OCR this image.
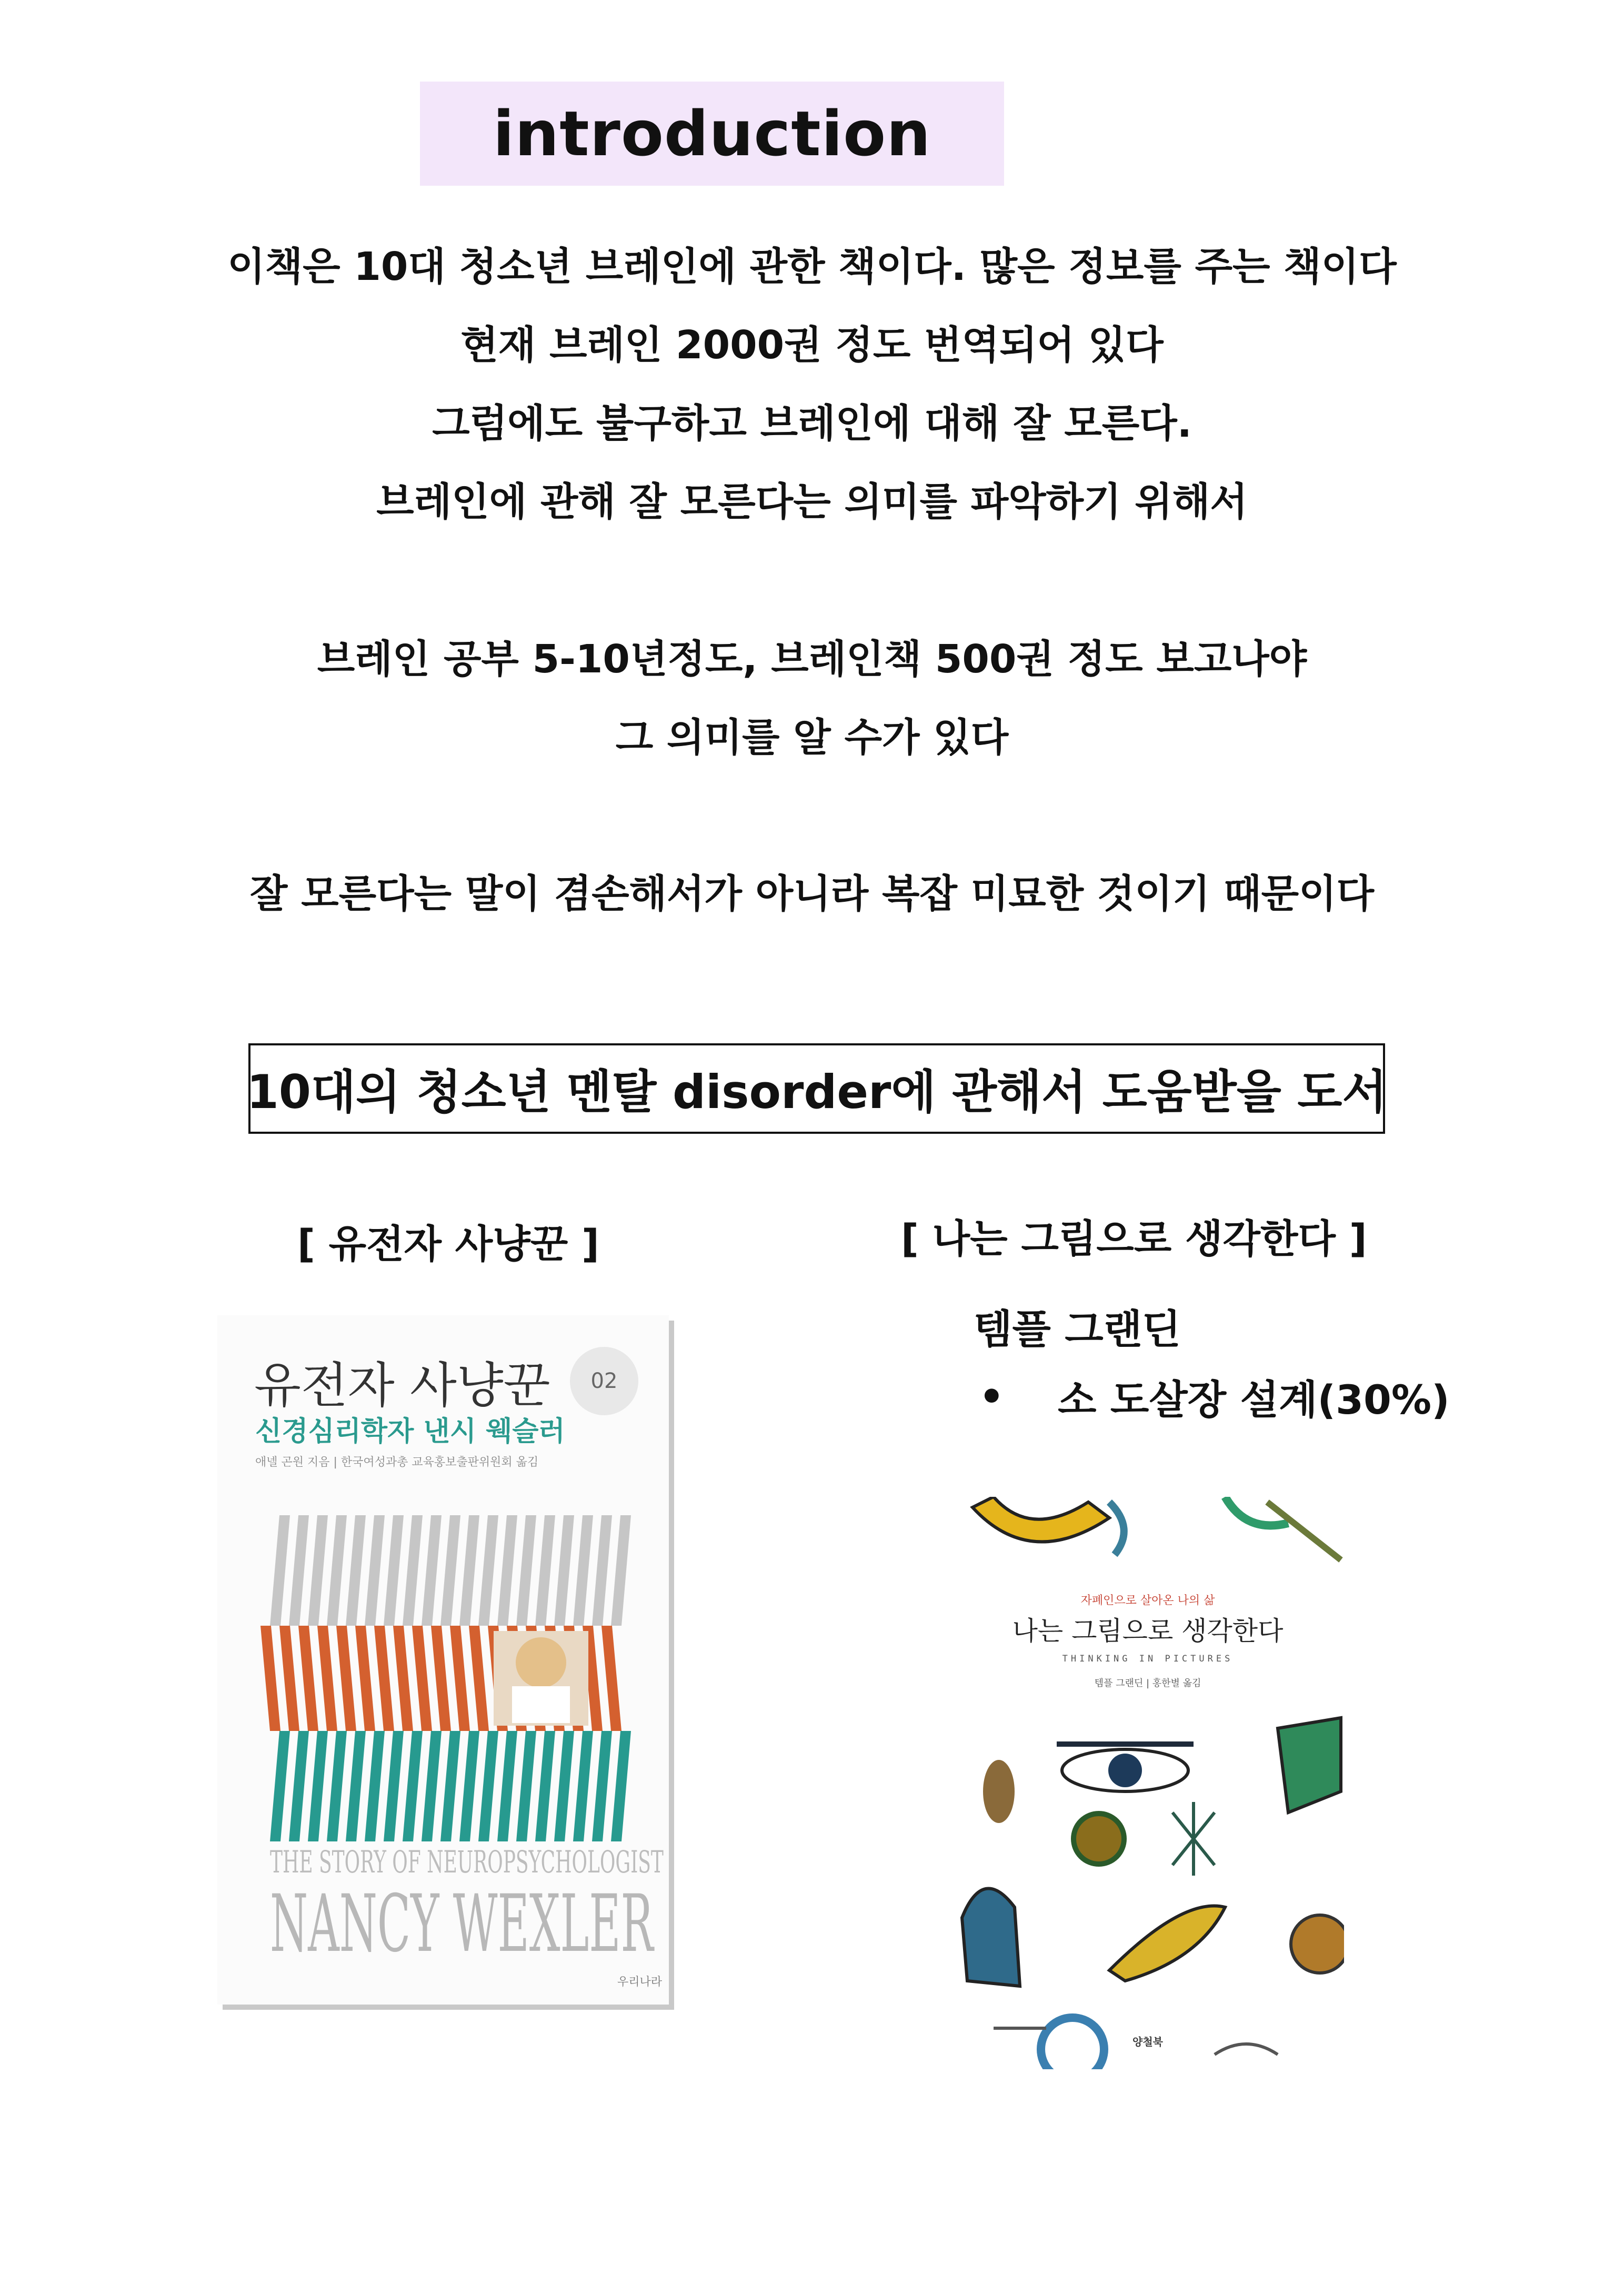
introduction
이책은 10대 청소년 브레인에 관한 책이다. 많은 정보를 주는 책이다
현재 브레인 2000권 정도 번역되어 있다
그럼에도 불구하고 브레인에 대해 잘 모른다.
브레인에 관해 잘 모른다는 의미를 파악하기 위해서
브레인 공부 5-10년정도, 브레인책 500권 정도 보고나야
그 의미를 알 수가 있다
잘 모른다는 말이 겸손해서가 아니라 복잡 미묘한 것이기 때문이다
10대의 청소년 멘탈 disorder에 관해서 도움받을 도서
[ 유전자 사냥꾼 ]	[ 나는 그림으로 생각한다 ]
템플 그랜딘
•	소 도살장 설계(30%)
유전자 사냥꾼
신경심리학자 낸시 웩슬러
애넬 곤원 지음 | 한국여성과총 교육홍보출판위원회 옮김
02
THE STORY OF NEUROPSYCHOLOGIST
NANCY WEXLER
우리나라
자폐인으로 살아온 나의 삶
나는 그림으로 생각한다
THINKING IN PICTURES
템플 그랜딘 | 홍한별 옮김
양철북
